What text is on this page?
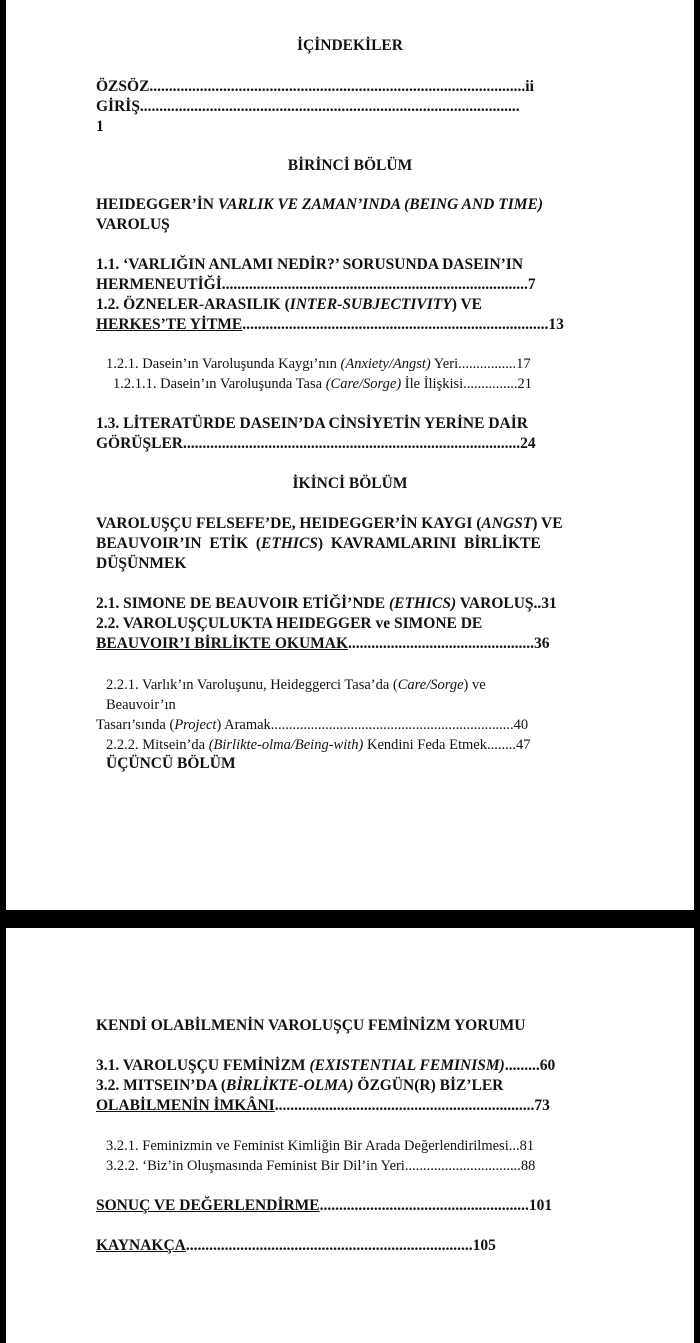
İÇİNDEKİLER
ÖZSÖZ.................................................................................................ii
GİRİŞ..................................................................................................
1
BİRİNCİ BÖLÜM
HEIDEGGER’İN VARLIK VE ZAMAN’INDA (BEING AND TIME)
VAROLUŞ
1.1. ‘VARLIĞIN ANLAMI NEDİR?’ SORUSUNDA DASEIN’IN
HERMENEUTİĞİ...............................................................................7
1.2. ÖZNELER-ARASILIK (INTER-SUBJECTIVITY) VE
HERKES’TE YİTME...............................................................................13
1.2.1. Dasein’ın Varoluşunda Kaygı’nın (Anxiety/Angst) Yeri................17
1.2.1.1. Dasein’ın Varoluşunda Tasa (Care/Sorge) İle İlişkisi...............21
1.3. LİTERATÜRDE DASEIN’DA CİNSİYETİN YERİNE DAİR
GÖRÜŞLER.......................................................................................24
İKİNCİ BÖLÜM
VAROLUŞÇU FELSEFE’DE, HEIDEGGER’İN KAYGI (ANGST) VE
BEAUVOIR’IN  ETİK  (ETHICS)  KAVRAMLARINI  BİRLİKTE
DÜŞÜNMEK
2.1. SIMONE DE BEAUVOIR ETİĞİ’NDE (ETHICS) VAROLUŞ..31
2.2. VAROLUŞÇULUKTA HEIDEGGER ve SIMONE DE
BEAUVOIR’I BİRLİKTE OKUMAK................................................36
2.2.1. Varlık’ın Varoluşunu, Heideggerci Tasa’da (Care/Sorge) ve
Beauvoir’ın
Tasarı’sında (Project) Aramak...................................................................40
2.2.2. Mitsein’da (Birlikte-olma/Being-with) Kendini Feda Etmek........47
ÜÇÜNCÜ BÖLÜM
KENDİ OLABİLMENİN VAROLUŞÇU FEMİNİZM YORUMU
3.1. VAROLUŞÇU FEMİNİZM (EXISTENTIAL FEMINISM).........60
3.2. MITSEIN’DA (BİRLİKTE-OLMA) ÖZGÜN(R) BİZ’LER
OLABİLMENİN İMKÂNI...................................................................73
3.2.1. Feminizmin ve Feminist Kimliğin Bir Arada Değerlendirilmesi...81
3.2.2. ‘Biz’in Oluşmasında Feminist Bir Dil’in Yeri................................88
SONUÇ VE DEĞERLENDİRME......................................................101
KAYNAKÇA..........................................................................105
